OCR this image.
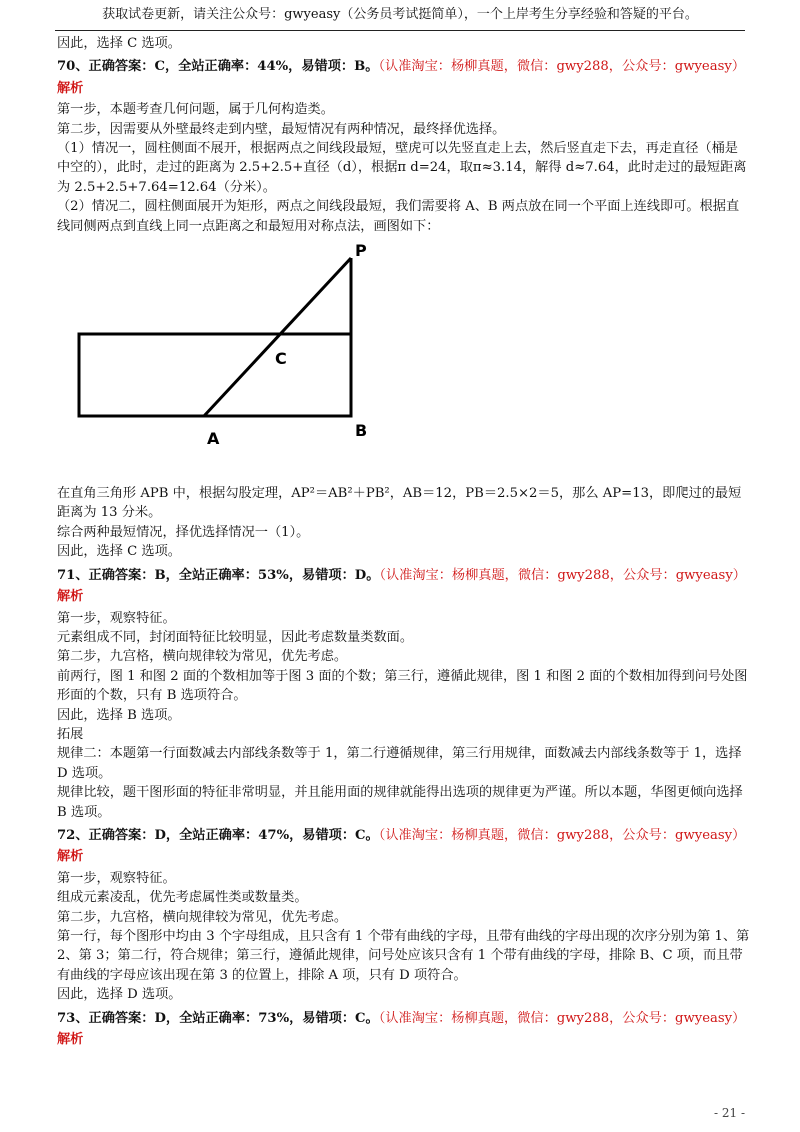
获取试卷更新，请关注公众号：gwyeasy（公务员考试挺简单），一个上岸考生分享经验和答疑的平台。

因此，选择 C 选项。

70、正确答案：C，全站正确率：44%，易错项：B。（认准淘宝：杨柳真题，微信：gwy288，公众号：gwyeasy）

解析

第一步，本题考查几何问题，属于几何构造类。

第二步，因需要从外壁最终走到内壁，最短情况有两种情况，最终择优选择。

（1）情况一，圆柱侧面不展开，根据两点之间线段最短，壁虎可以先竖直走上去，然后竖直走下去，再走直径（桶是中空的），此时，走过的距离为 2.5+2.5+直径（d），根据π d=24，取π≈3.14，解得 d≈7.64，此时走过的最短距离为 2.5+2.5+7.64=12.64（分米）。

（2）情况二，圆柱侧面展开为矩形，两点之间线段最短，我们需要将 A、B 两点放在同一个平面上连线即可。根据直线同侧两点到直线上同一点距离之和最短用对称点法，画图如下：

P
C
A	B

在直角三角形 APB 中，根据勾股定理，AP²＝AB²＋PB²，AB＝12，PB＝2.5×2＝5，那么 AP=13，即爬过的最短距离为 13 分米。

综合两种最短情况，择优选择情况一（1）。

因此，选择 C 选项。

71、正确答案：B，全站正确率：53%，易错项：D。（认准淘宝：杨柳真题，微信：gwy288，公众号：gwyeasy）

解析

第一步，观察特征。

元素组成不同，封闭面特征比较明显，因此考虑数量类数面。

第二步，九宫格，横向规律较为常见，优先考虑。

前两行，图 1 和图 2 面的个数相加等于图 3 面的个数；第三行，遵循此规律，图 1 和图 2 面的个数相加得到问号处图形面的个数，只有 B 选项符合。

因此，选择 B 选项。

拓展

规律二：本题第一行面数减去内部线条数等于 1，第二行遵循规律，第三行用规律，面数减去内部线条数等于 1，选择 D 选项。

规律比较，题干图形面的特征非常明显，并且能用面的规律就能得出选项的规律更为严谨。所以本题，华图更倾向选择 B 选项。

72、正确答案：D，全站正确率：47%，易错项：C。（认准淘宝：杨柳真题，微信：gwy288，公众号：gwyeasy）

解析

第一步，观察特征。

组成元素凌乱，优先考虑属性类或数量类。

第二步，九宫格，横向规律较为常见，优先考虑。

第一行，每个图形中均由 3 个字母组成，且只含有 1 个带有曲线的字母，且带有曲线的字母出现的次序分别为第 1、第 2、第 3；第二行，符合规律；第三行，遵循此规律，问号处应该只含有 1 个带有曲线的字母，排除 B、C 项，而且带有曲线的字母应该出现在第 3 的位置上，排除 A 项，只有 D 项符合。

因此，选择 D 选项。

73、正确答案：D，全站正确率：73%，易错项：C。（认准淘宝：杨柳真题，微信：gwy288，公众号：gwyeasy）

解析

- 21 -
